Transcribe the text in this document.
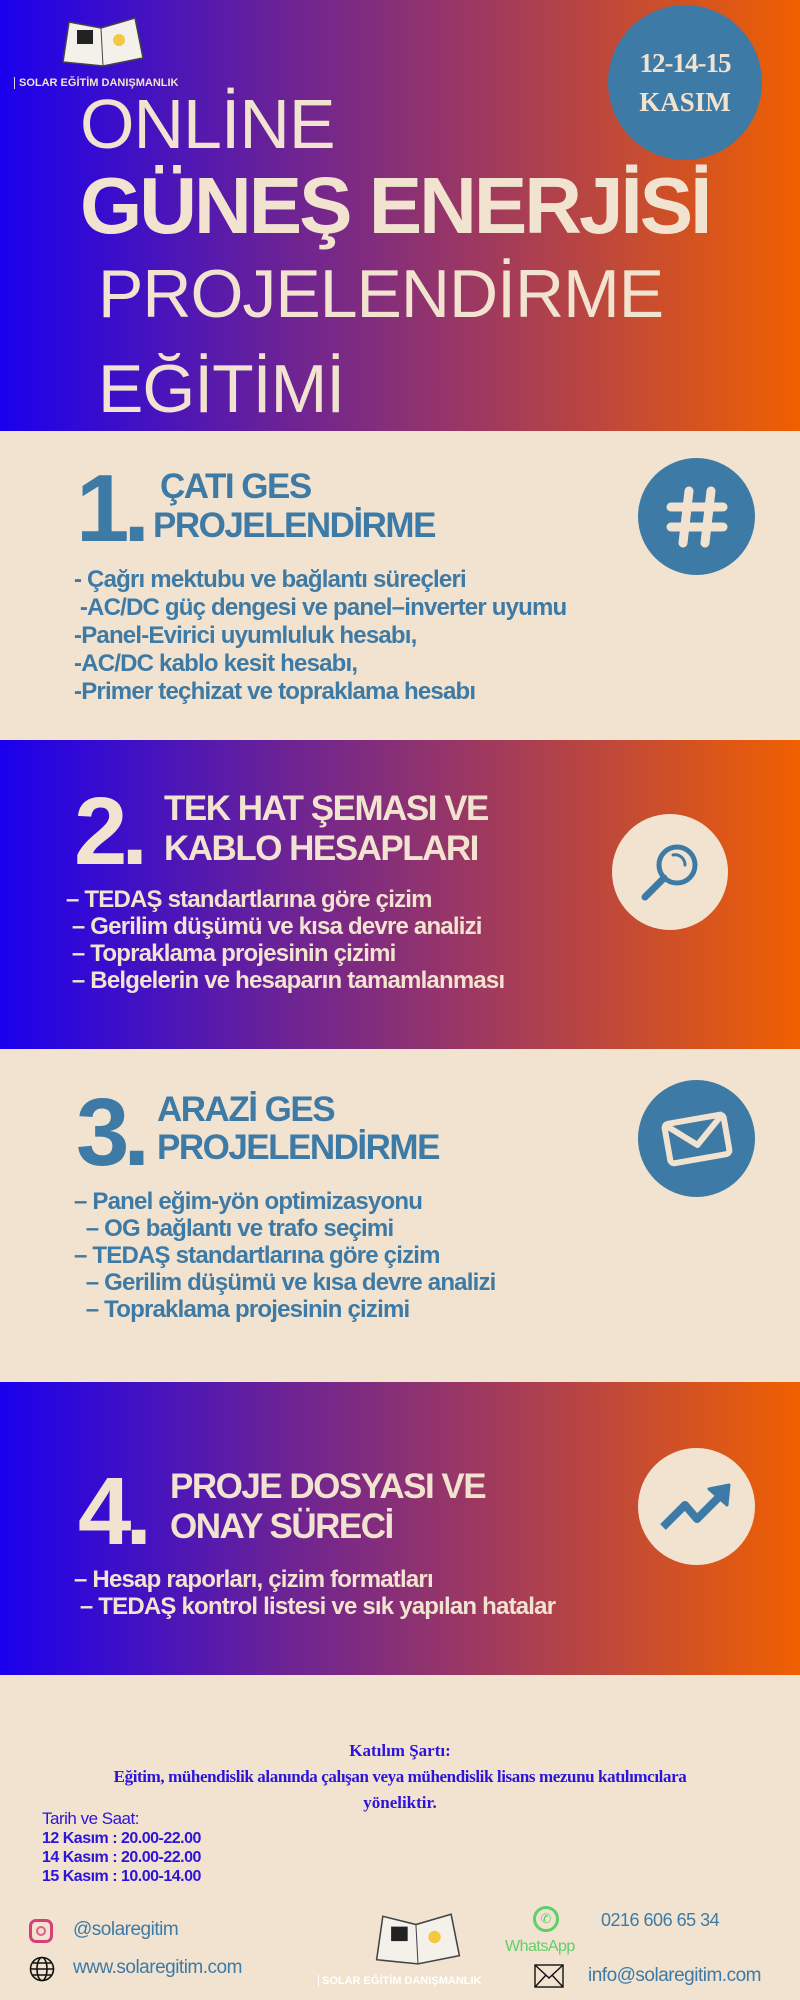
SOLAR EĞİTİM DANIŞMANLIK
12-14-15
KASIM
ONLİNE
GÜNEŞ ENERJİSİ
PROJELENDİRME
EĞİTİMİ
1. ÇATI GES
PROJELENDİRME
- Çağrı mektubu ve bağlantı süreçleri
-AC/DC güç dengesi ve panel–inverter uyumu
-Panel-Evirici uyumluluk hesabı,
-AC/DC kablo kesit hesabı,
-Primer teçhizat ve topraklama hesabı
2. TEK HAT ŞEMASI VE
KABLO HESAPLARI
– TEDAŞ standartlarına göre çizim
– Gerilim düşümü ve kısa devre analizi
– Topraklama projesinin çizimi
– Belgelerin ve hesaparın tamamlanması
3. ARAZİ GES
PROJELENDİRME
– Panel eğim-yön optimizasyonu
– OG bağlantı ve trafo seçimi
– TEDAŞ standartlarına göre çizim
– Gerilim düşümü ve kısa devre analizi
– Topraklama projesinin çizimi
4. PROJE DOSYASI VE
ONAY SÜRECİ
– Hesap raporları, çizim formatları
– TEDAŞ kontrol listesi ve sık yapılan hatalar
Katılım Şartı:
Eğitim, mühendislik alanında çalışan veya mühendislik lisans mezunu katılımcılara
yöneliktir.
Tarih ve Saat:
12 Kasım : 20.00-22.00
14 Kasım : 20.00-22.00
15 Kasım : 10.00-14.00
@solaregitim
www.solaregitim.com
SOLAR EĞİTİM DANIŞMANLIK
✆
WhatsApp
0216 606 65 34
info@solaregitim.com
